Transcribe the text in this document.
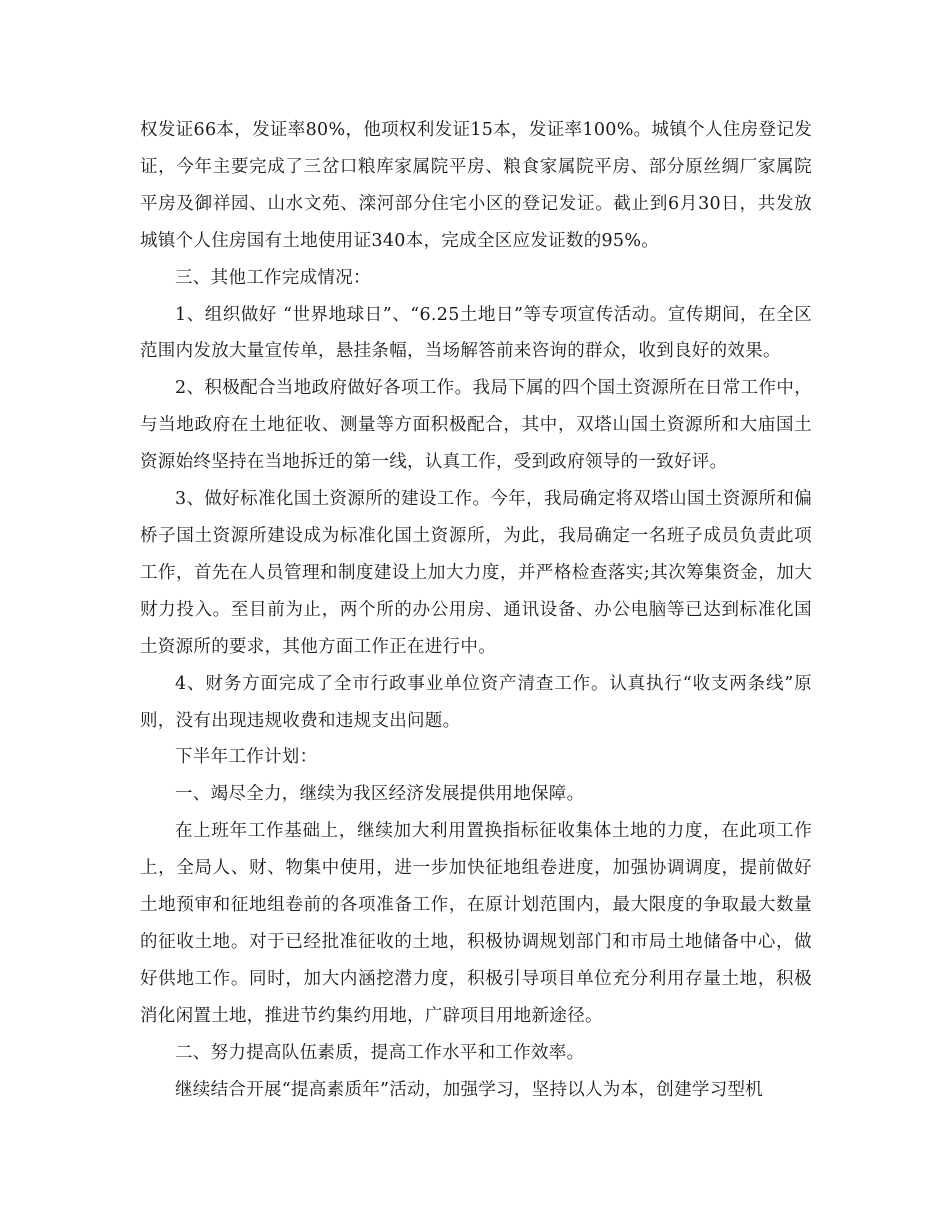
权发证66本，发证率80%，他项权利发证15本，发证率100%。城镇个人住房登记发证，今年主要完成了三岔口粮库家属院平房、粮食家属院平房、部分原丝绸厂家属院平房及御祥园、山水文苑、滦河部分住宅小区的登记发证。截止到6月30日，共发放城镇个人住房国有土地使用证340本，完成全区应发证数的95%。

三、其他工作完成情况：

1、组织做好 “世界地球日”、“6.25土地日”等专项宣传活动。宣传期间，在全区范围内发放大量宣传单，悬挂条幅，当场解答前来咨询的群众，收到良好的效果。

2、积极配合当地政府做好各项工作。我局下属的四个国土资源所在日常工作中，与当地政府在土地征收、测量等方面积极配合，其中，双塔山国土资源所和大庙国土资源始终坚持在当地拆迁的第一线，认真工作，受到政府领导的一致好评。

3、做好标准化国土资源所的建设工作。今年，我局确定将双塔山国土资源所和偏桥子国土资源所建设成为标准化国土资源所，为此，我局确定一名班子成员负责此项工作，首先在人员管理和制度建设上加大力度，并严格检查落实;其次筹集资金，加大财力投入。至目前为止，两个所的办公用房、通讯设备、办公电脑等已达到标准化国土资源所的要求，其他方面工作正在进行中。

4、财务方面完成了全市行政事业单位资产清查工作。认真执行“收支两条线”原则，没有出现违规收费和违规支出问题。

下半年工作计划：

一、竭尽全力，继续为我区经济发展提供用地保障。

在上班年工作基础上，继续加大利用置换指标征收集体土地的力度，在此项工作上，全局人、财、物集中使用，进一步加快征地组卷进度，加强协调调度，提前做好土地预审和征地组卷前的各项准备工作，在原计划范围内，最大限度的争取最大数量的征收土地。对于已经批准征收的土地，积极协调规划部门和市局土地储备中心，做好供地工作。同时，加大内涵挖潜力度，积极引导项目单位充分利用存量土地，积极消化闲置土地，推进节约集约用地，广辟项目用地新途径。

二、努力提高队伍素质，提高工作水平和工作效率。

继续结合开展“提高素质年”活动，加强学习，坚持以人为本，创建学习型机
